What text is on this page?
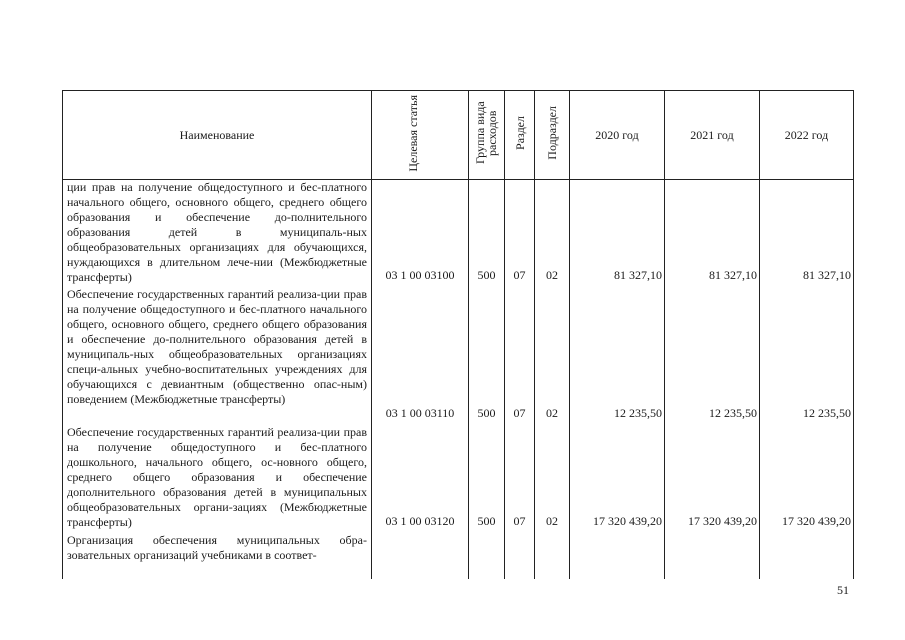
Наименование	Целевая статья	Группа вида расходов	Раздел	Подраздел	2020 год	2021 год	2022 год

ции прав на получение общедоступного и бес-платного начального общего, основного общего, среднего общего образования и обеспечение до-полнительного образования детей в муниципаль-ных общеобразовательных организациях для обучающихся, нуждающихся в длительном лече-нии (Межбюджетные трансферты)	03 1 00 03100	500	07	02	81 327,10	81 327,10	81 327,10

Обеспечение государственных гарантий реализа-ции прав на получение общедоступного и бес-платного начального общего, основного общего, среднего общего образования и обеспечение до-полнительного образования детей в муниципаль-ных общеобразовательных организациях специ-альных учебно-воспитательных учреждениях для обучающихся с девиантным (общественно опас-ным) поведением (Межбюджетные трансферты)	03 1 00 03110	500	07	02	12 235,50	12 235,50	12 235,50

Обеспечение государственных гарантий реализа-ции прав на получение общедоступного и бес-платного дошкольного, начального общего, ос-новного общего, среднего общего образования и обеспечение дополнительного образования детей в муниципальных общеобразовательных органи-зациях (Межбюджетные трансферты)	03 1 00 03120	500	07	02	17 320 439,20	17 320 439,20	17 320 439,20

Организация обеспечения муниципальных обра-зовательных организаций учебниками в соответ-							

51
